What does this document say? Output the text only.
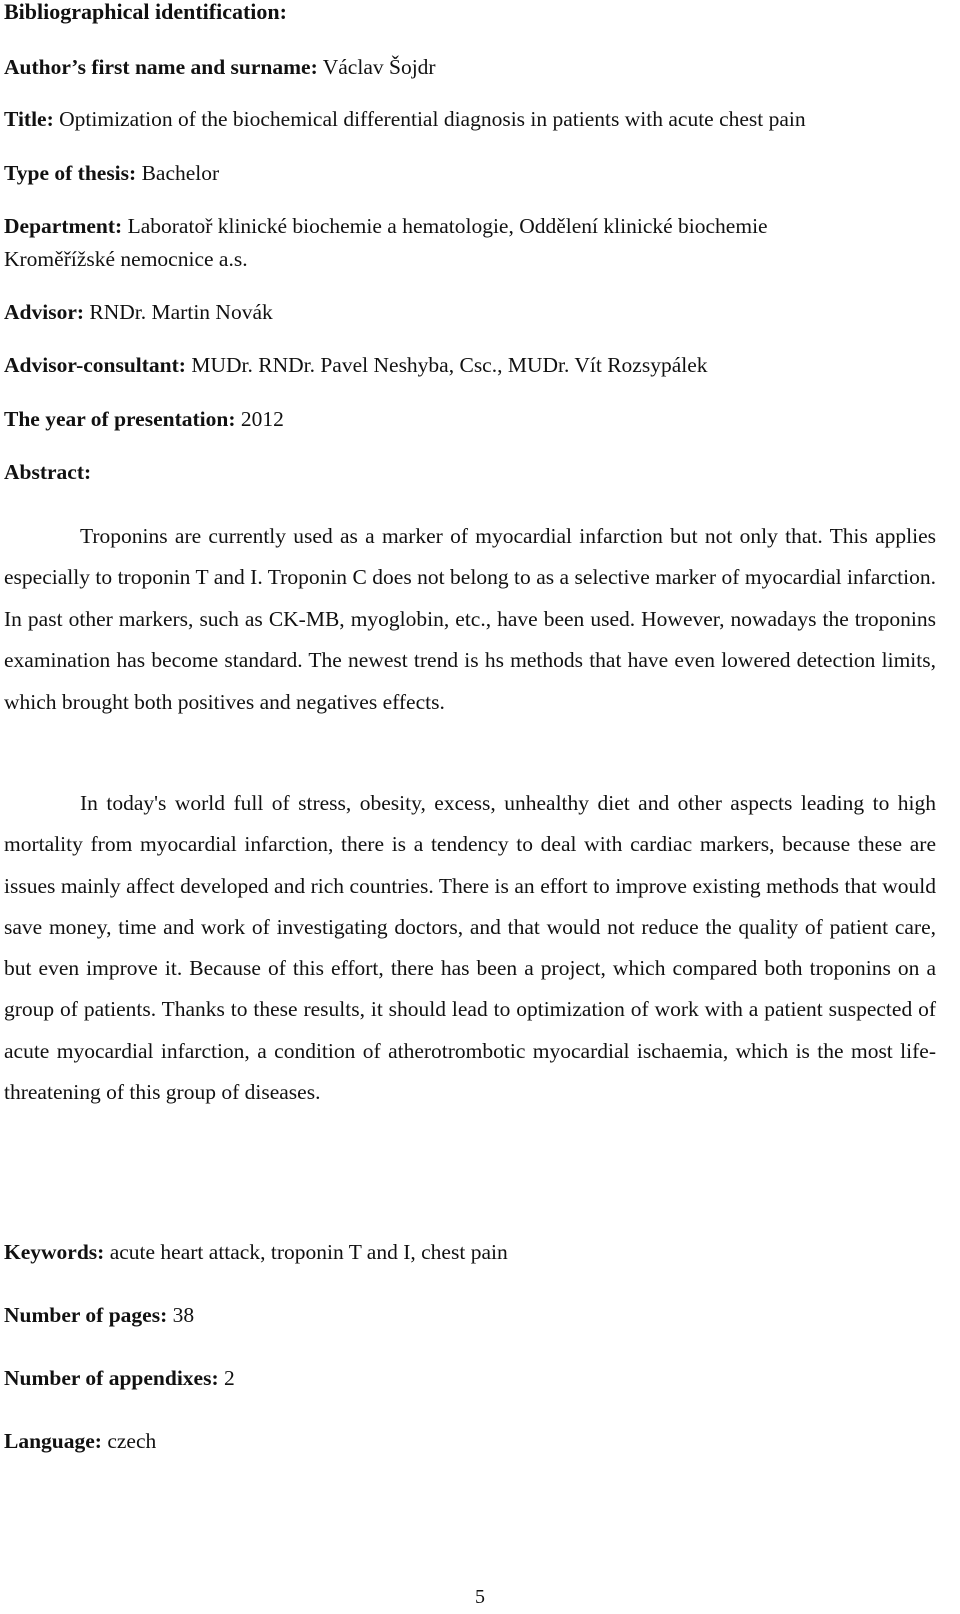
Bibliographical identification:
Author’s first name and surname: Václav Šojdr
Title: Optimization of the biochemical differential diagnosis in patients with acute chest pain
Type of thesis: Bachelor
Department: Laboratoř klinické biochemie a hematologie, Oddělení klinické biochemie
Kroměřížské nemocnice a.s.
Advisor: RNDr. Martin Novák
Advisor-consultant: MUDr. RNDr. Pavel Neshyba, Csc., MUDr. Vít Rozsypálek
The year of presentation: 2012
Abstract:

Troponins are currently used as a marker of myocardial infarction but not only that. This applies especially to troponin T and I. Troponin C does not belong to as a selective marker of myocardial infarction. In past other markers, such as CK-MB, myoglobin, etc., have been used. However, nowadays the troponins examination has become standard. The newest trend is hs methods that have even lowered detection limits, which brought both positives and negatives effects.

In today's world full of stress, obesity, excess, unhealthy diet and other aspects leading to high mortality from myocardial infarction, there is a tendency to deal with cardiac markers, because these are issues mainly affect developed and rich countries. There is an effort to improve existing methods that would save money, time and work of investigating doctors, and that would not reduce the quality of patient care, but even improve it. Because of this effort, there has been a project, which compared both troponins on a group of patients. Thanks to these results, it should lead to optimization of work with a patient suspected of acute myocardial infarction, a condition of atherotrombotic myocardial ischaemia, which is the most life-threatening of this group of diseases.

Keywords: acute heart attack, troponin T and I, chest pain
Number of pages: 38
Number of appendixes: 2
Language: czech
5
